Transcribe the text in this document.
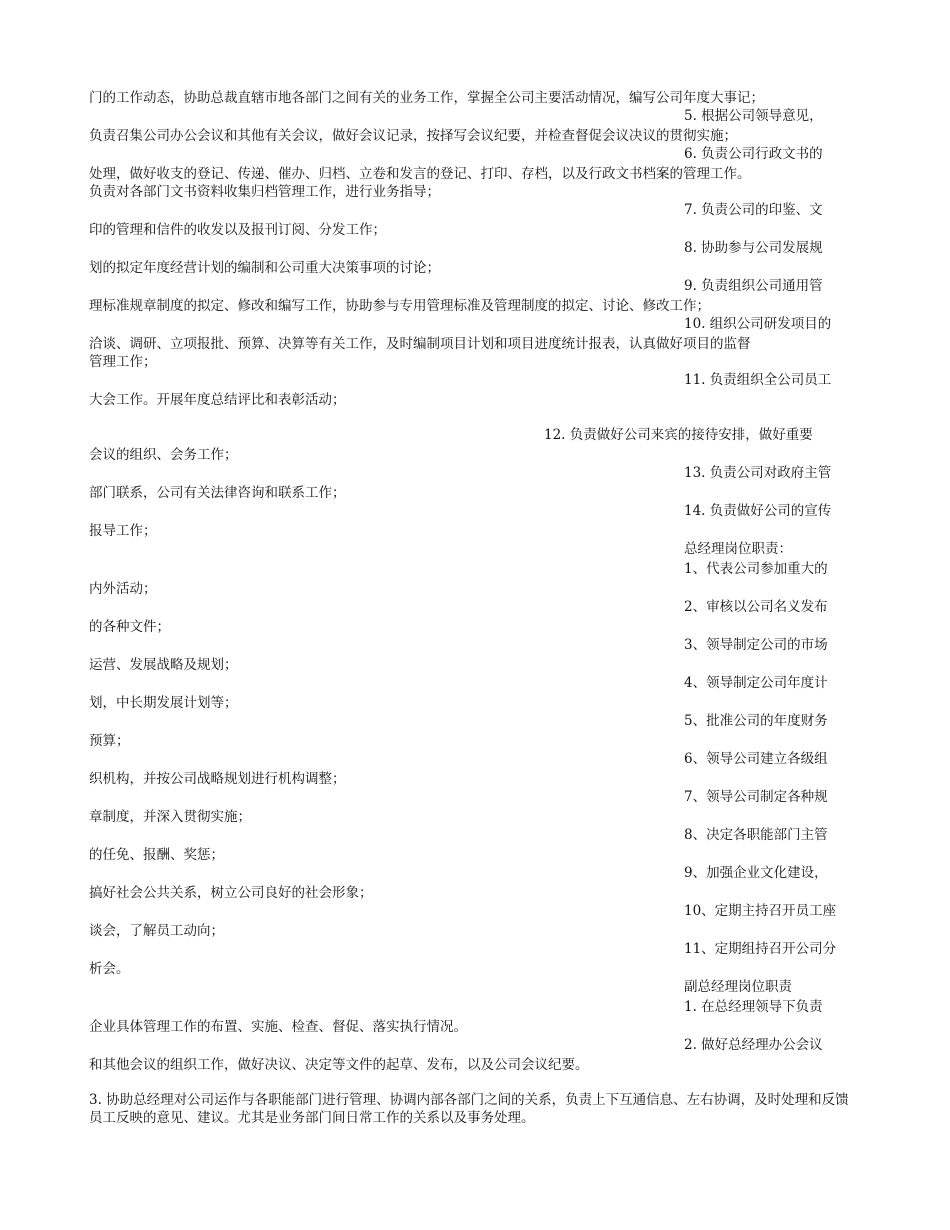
门的工作动态，协助总裁直辖市地各部门之间有关的业务工作，掌握全公司主要活动情况，编写公司年度大事记；
5. 根据公司领导意见，
负责召集公司办公会议和其他有关会议，做好会议记录，按择写会议纪要，并检查督促会议决议的贯彻实施；
6. 负责公司行政文书的
处理，做好收支的登记、传递、催办、归档、立卷和发言的登记、打印、存档，以及行政文书档案的管理工作。
负责对各部门文书资料收集归档管理工作，进行业务指导；
7. 负责公司的印鉴、文
印的管理和信件的收发以及报刊订阅、分发工作；
8. 协助参与公司发展规
划的拟定年度经营计划的编制和公司重大决策事项的讨论；
9. 负责组织公司通用管
理标准规章制度的拟定、修改和编写工作，协助参与专用管理标准及管理制度的拟定、讨论、修改工作；
10. 组织公司研发项目的
洽谈、调研、立项报批、预算、决算等有关工作，及时编制项目计划和项目进度统计报表，认真做好项目的监督
管理工作；
11. 负责组织全公司员工
大会工作。开展年度总结评比和表彰活动；
12. 负责做好公司来宾的接待安排，做好重要
会议的组织、会务工作；
13. 负责公司对政府主管
部门联系，公司有关法律咨询和联系工作；
14. 负责做好公司的宣传
报导工作；
总经理岗位职责：
1、代表公司参加重大的
内外活动；
2、审核以公司名义发布
的各种文件；
3、领导制定公司的市场
运营、发展战略及规划；
4、领导制定公司年度计
划，中长期发展计划等；
5、批准公司的年度财务
预算；
6、领导公司建立各级组
织机构，并按公司战略规划进行机构调整；
7、领导公司制定各种规
章制度，并深入贯彻实施；
8、决定各职能部门主管
的任免、报酬、奖惩；
9、加强企业文化建设，
搞好社会公共关系，树立公司良好的社会形象；
10、定期主持召开员工座
谈会，了解员工动向；
11、定期组持召开公司分
析会。
副总经理岗位职责
1. 在总经理领导下负责
企业具体管理工作的布置、实施、检查、督促、落实执行情况。
2. 做好总经理办公会议
和其他会议的组织工作，做好决议、决定等文件的起草、发布，以及公司会议纪要。
3. 协助总经理对公司运作与各职能部门进行管理、协调内部各部门之间的关系，负责上下互通信息、左右协调，及时处理和反馈员工反映的意见、建议。尤其是业务部门间日常工作的关系以及事务处理。
